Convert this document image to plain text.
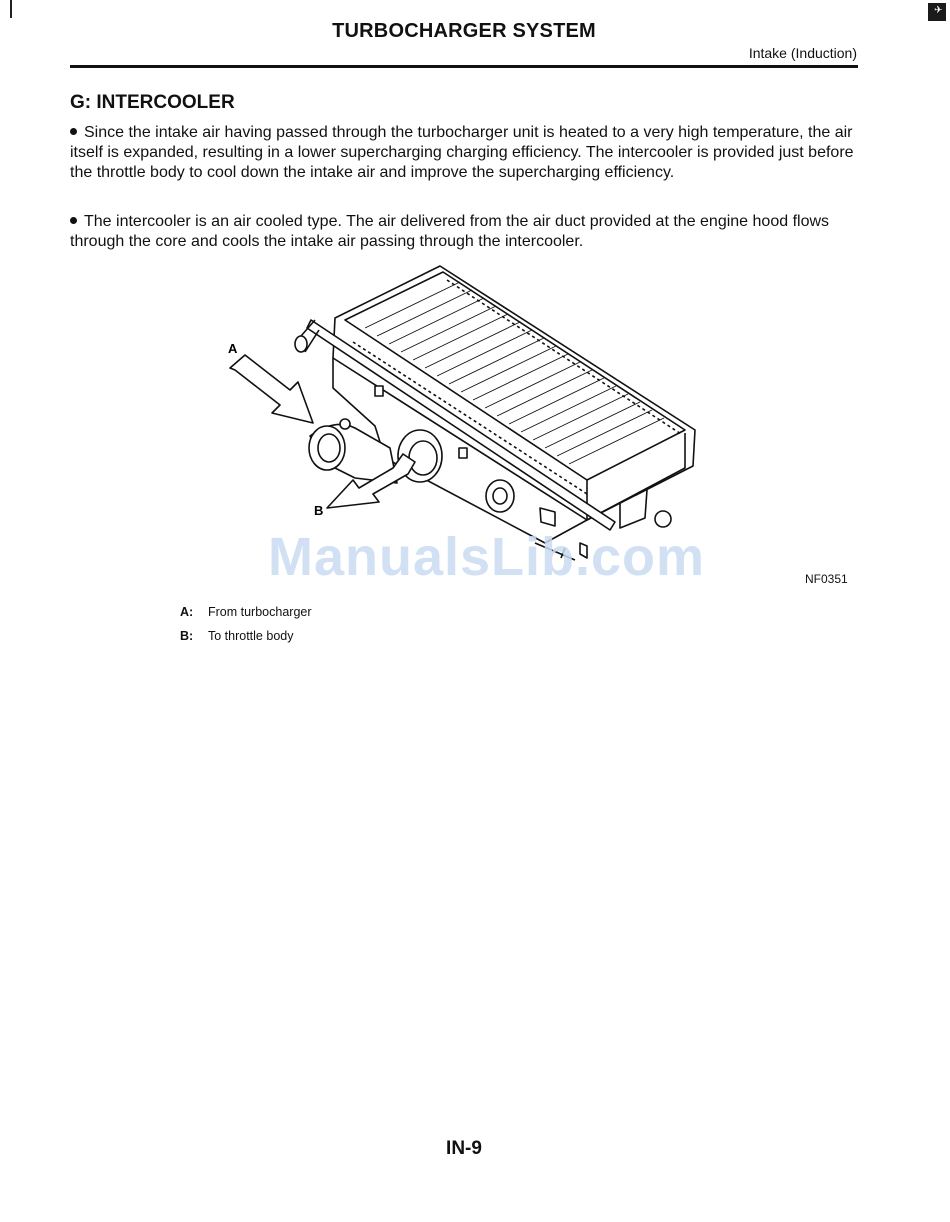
✈
TURBOCHARGER SYSTEM
Intake (Induction)
G: INTERCOOLER
Since the intake air having passed through the turbocharger unit is heated to a very high temperature, the air itself is expanded, resulting in a lower supercharging charging efficiency. The intercooler is provided just before the throttle body to cool down the intake air and improve the supercharging efficiency.
The intercooler is an air cooled type. The air delivered from the air duct provided at the engine hood flows through the core and cools the intake air passing through the intercooler.
A
B
ManualsLib.com	NF0351
A: From turbocharger
B: To throttle body
IN-9
